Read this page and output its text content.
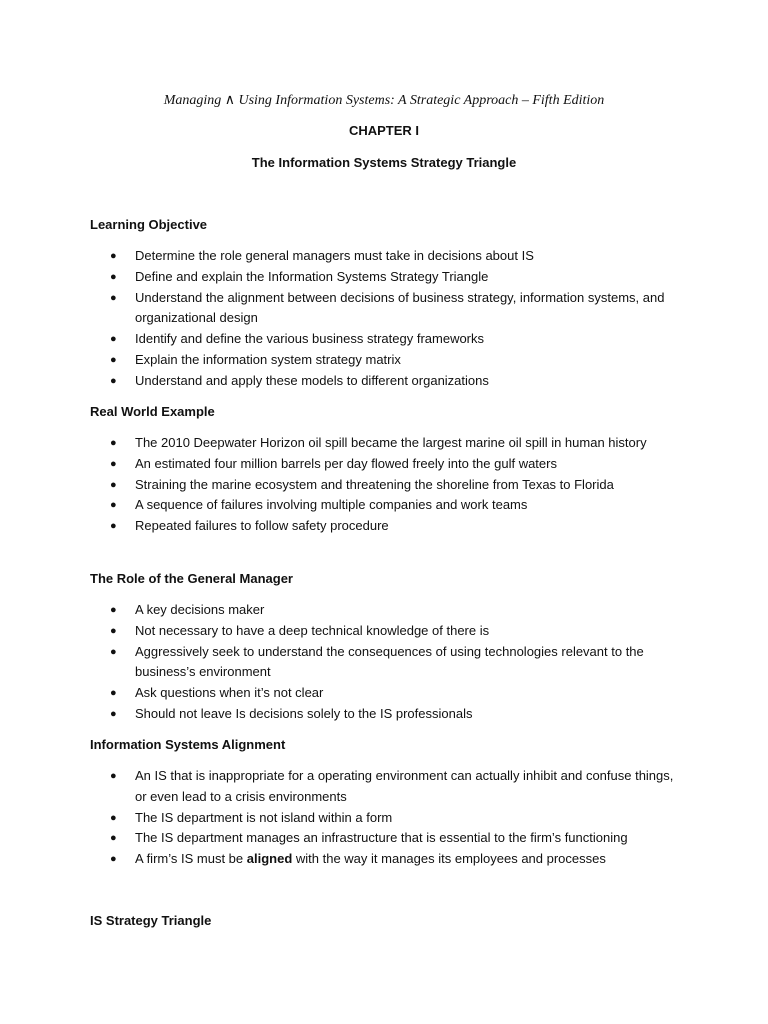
Managing ∧ Using Information Systems: A Strategic Approach – Fifth Edition
CHAPTER I
The Information Systems Strategy Triangle
Learning Objective
● Determine the role general managers must take in decisions about IS
● Define and explain the Information Systems Strategy Triangle
● Understand the alignment between decisions of business strategy, information systems, and organizational design
● Identify and define the various business strategy frameworks
● Explain the information system strategy matrix
● Understand and apply these models to different organizations
Real World Example
● The 2010 Deepwater Horizon oil spill became the largest marine oil spill in human history
● An estimated four million barrels per day flowed freely into the gulf waters
● Straining the marine ecosystem and threatening the shoreline from Texas to Florida
● A sequence of failures involving multiple companies and work teams
● Repeated failures to follow safety procedure
The Role of the General Manager
● A key decisions maker
● Not necessary to have a deep technical knowledge of there is
● Aggressively seek to understand the consequences of using technologies relevant to the business’s environment
● Ask questions when it’s not clear
● Should not leave Is decisions solely to the IS professionals
Information Systems Alignment
● An IS that is inappropriate for a operating environment can actually inhibit and confuse things, or even lead to a crisis environments
● The IS department is not island within a form
● The IS department manages an infrastructure that is essential to the firm’s functioning
● A firm’s IS must be aligned with the way it manages its employees and processes
IS Strategy Triangle
